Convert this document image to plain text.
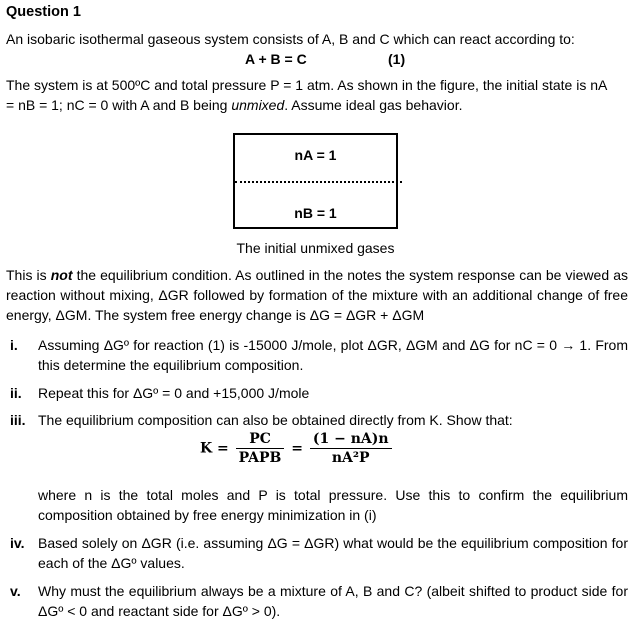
Question 1
An isobaric isothermal gaseous system consists of A, B and C which can react according to:
A + B = C	(1)
The system is at 500ºC and total pressure P = 1 atm. As shown in the figure, the initial state is nA
= nB = 1; nC = 0 with A and B being unmixed. Assume ideal gas behavior.
nA = 1
nB = 1
The initial unmixed gases
This is not the equilibrium condition. As outlined in the notes the system response can be viewed as reaction without mixing, ΔGR followed by formation of the mixture with an additional change of free energy, ΔGM. The system free energy change is ΔG = ΔGR + ΔGM
i. Assuming ΔGº for reaction (1) is -15000 J/mole, plot ΔGR, ΔGM and ΔG for nC = 0 → 1. From this determine the equilibrium composition.
ii. Repeat this for ΔGº = 0 and +15,000 J/mole
iii. The equilibrium composition can also be obtained directly from K. Show that:
$K = \frac{PC}{\text{PAPB}} = \frac{(1 - nA)n}{\text{nA²P}}$
where n is the total moles and P is total pressure. Use this to confirm the equilibrium composition obtained by free energy minimization in (i)
iv. Based solely on ΔGR (i.e. assuming ΔG = ΔGR) what would be the equilibrium composition for each of the ΔGº values.
v. Why must the equilibrium always be a mixture of A, B and C? (albeit shifted to product side for ΔGº < 0 and reactant side for ΔGº > 0).
